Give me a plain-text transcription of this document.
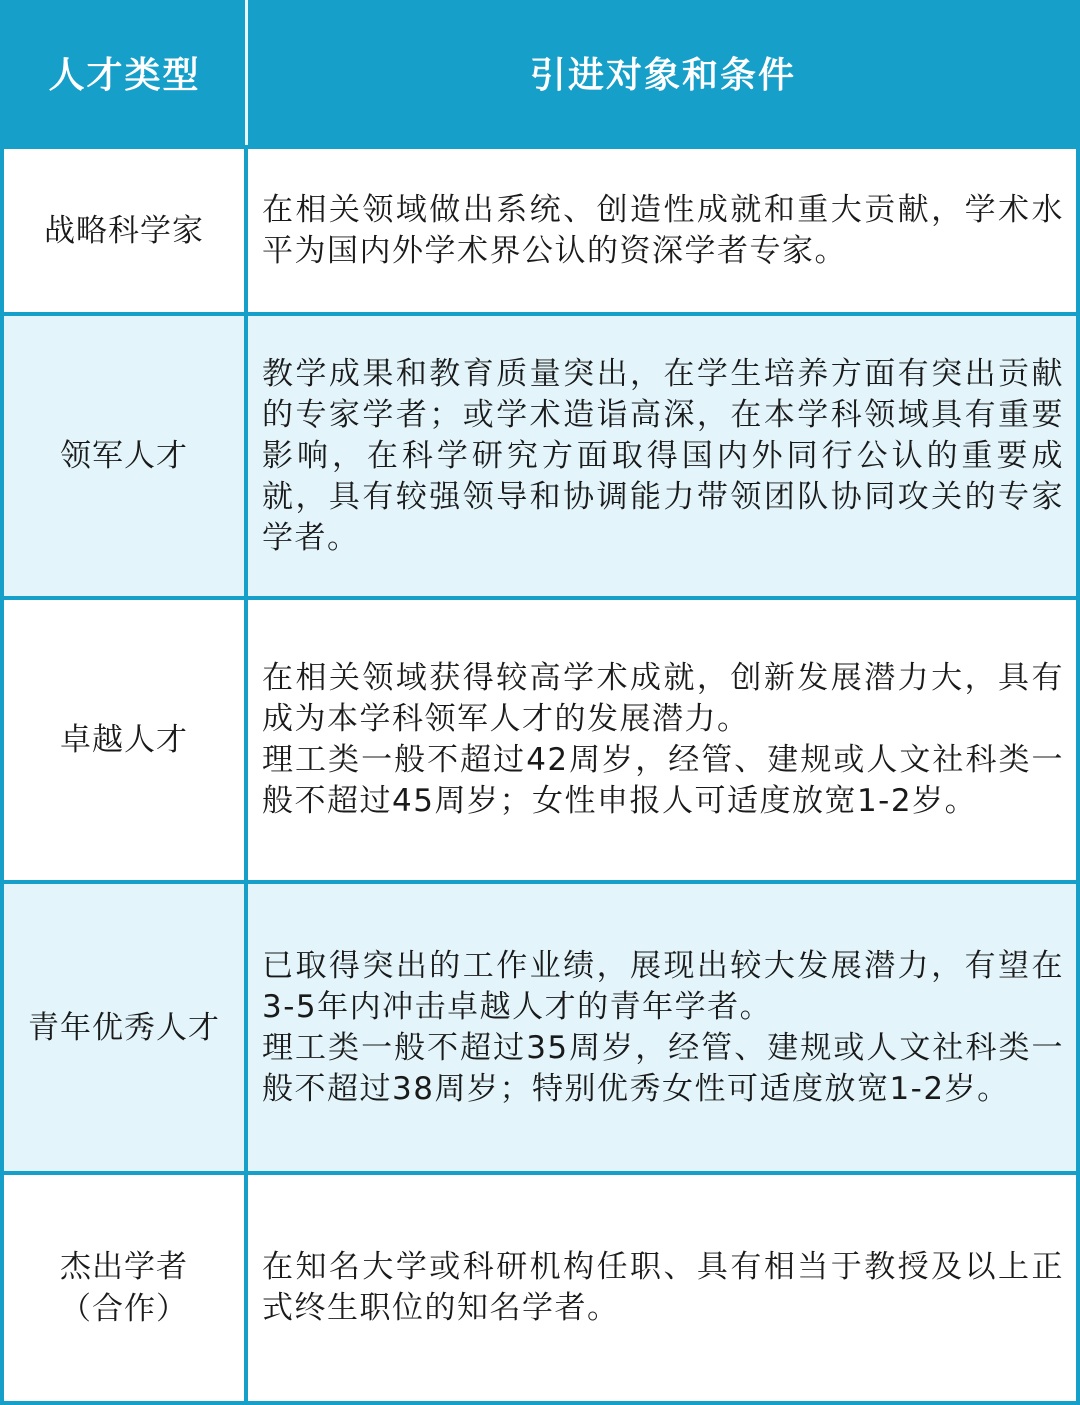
人才类型	引进对象和条件
战略科学家

在相关领域做出系统、创造性成就和重大贡献，学术水平为国内外学术界公认的资深学者专家。

领军人才

教学成果和教育质量突出，在学生培养方面有突出贡献的专家学者；或学术造诣高深，在本学科领域具有重要影响，在科学研究方面取得国内外同行公认的重要成就，具有较强领导和协调能力带领团队协同攻关的专家学者。

卓越人才

在相关领域获得较高学术成就，创新发展潜力大，具有成为本学科领军人才的发展潜力。

理工类一般不超过42周岁，经管、建规或人文社科类一般不超过45周岁；女性申报人可适度放宽1-2岁。

青年优秀人才

已取得突出的工作业绩，展现出较大发展潜力，有望在3-5年内冲击卓越人才的青年学者。

理工类一般不超过35周岁，经管、建规或人文社科类一般不超过38周岁；特别优秀女性可适度放宽1-2岁。

杰出学者
（合作）

在知名大学或科研机构任职、具有相当于教授及以上正式终生职位的知名学者。
